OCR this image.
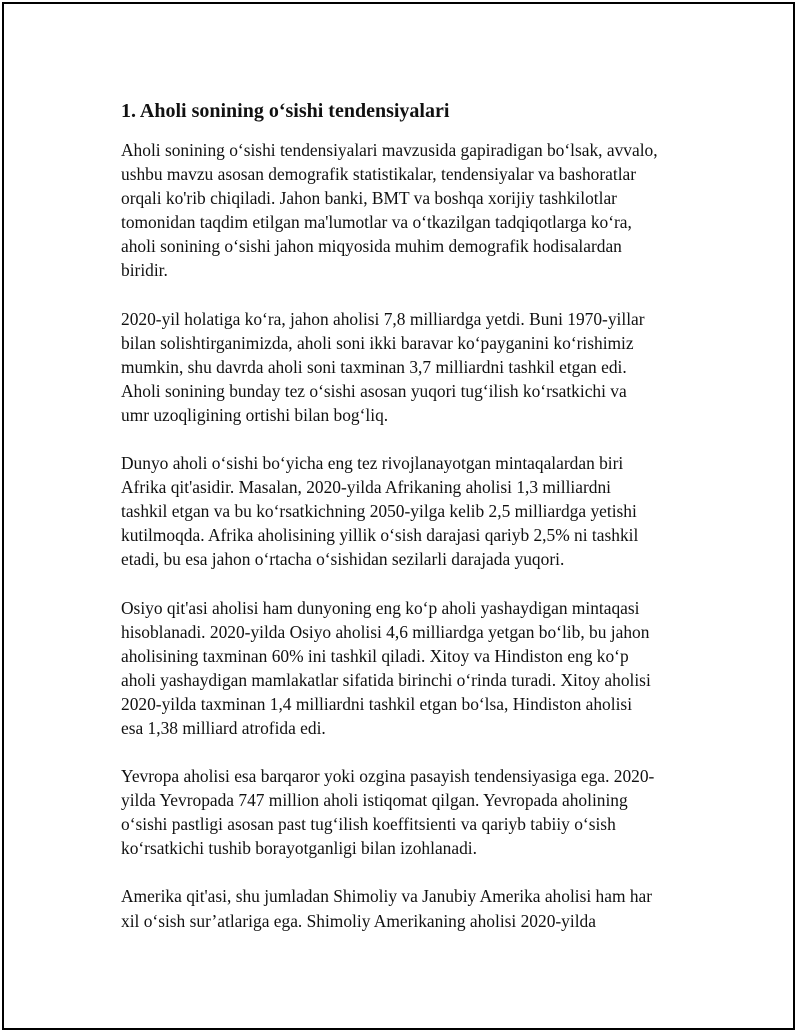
1. Aholi sonining o‘sishi tendensiyalari

Aholi sonining o‘sishi tendensiyalari mavzusida gapiradigan bo‘lsak, avvalo,
ushbu mavzu asosan demografik statistikalar, tendensiyalar va bashoratlar
orqali ko'rib chiqiladi. Jahon banki, BMT va boshqa xorijiy tashkilotlar
tomonidan taqdim etilgan ma'lumotlar va o‘tkazilgan tadqiqotlarga ko‘ra,
aholi sonining o‘sishi jahon miqyosida muhim demografik hodisalardan
biridir.

2020-yil holatiga ko‘ra, jahon aholisi 7,8 milliardga yetdi. Buni 1970-yillar
bilan solishtirganimizda, aholi soni ikki baravar ko‘payganini ko‘rishimiz
mumkin, shu davrda aholi soni taxminan 3,7 milliardni tashkil etgan edi.
Aholi sonining bunday tez o‘sishi asosan yuqori tug‘ilish ko‘rsatkichi va
umr uzoqligining ortishi bilan bog‘liq.

Dunyo aholi o‘sishi bo‘yicha eng tez rivojlanayotgan mintaqalardan biri
Afrika qit'asidir. Masalan, 2020-yilda Afrikaning aholisi 1,3 milliardni
tashkil etgan va bu ko‘rsatkichning 2050-yilga kelib 2,5 milliardga yetishi
kutilmoqda. Afrika aholisining yillik o‘sish darajasi qariyb 2,5% ni tashkil
etadi, bu esa jahon o‘rtacha o‘sishidan sezilarli darajada yuqori.

Osiyo qit'asi aholisi ham dunyoning eng ko‘p aholi yashaydigan mintaqasi
hisoblanadi. 2020-yilda Osiyo aholisi 4,6 milliardga yetgan bo‘lib, bu jahon
aholisining taxminan 60% ini tashkil qiladi. Xitoy va Hindiston eng ko‘p
aholi yashaydigan mamlakatlar sifatida birinchi o‘rinda turadi. Xitoy aholisi
2020-yilda taxminan 1,4 milliardni tashkil etgan bo‘lsa, Hindiston aholisi
esa 1,38 milliard atrofida edi.

Yevropa aholisi esa barqaror yoki ozgina pasayish tendensiyasiga ega. 2020-
yilda Yevropada 747 million aholi istiqomat qilgan. Yevropada aholining
o‘sishi pastligi asosan past tug‘ilish koeffitsienti va qariyb tabiiy o‘sish
ko‘rsatkichi tushib borayotganligi bilan izohlanadi.

Amerika qit'asi, shu jumladan Shimoliy va Janubiy Amerika aholisi ham har
xil o‘sish sur’atlariga ega. Shimoliy Amerikaning aholisi 2020-yilda
